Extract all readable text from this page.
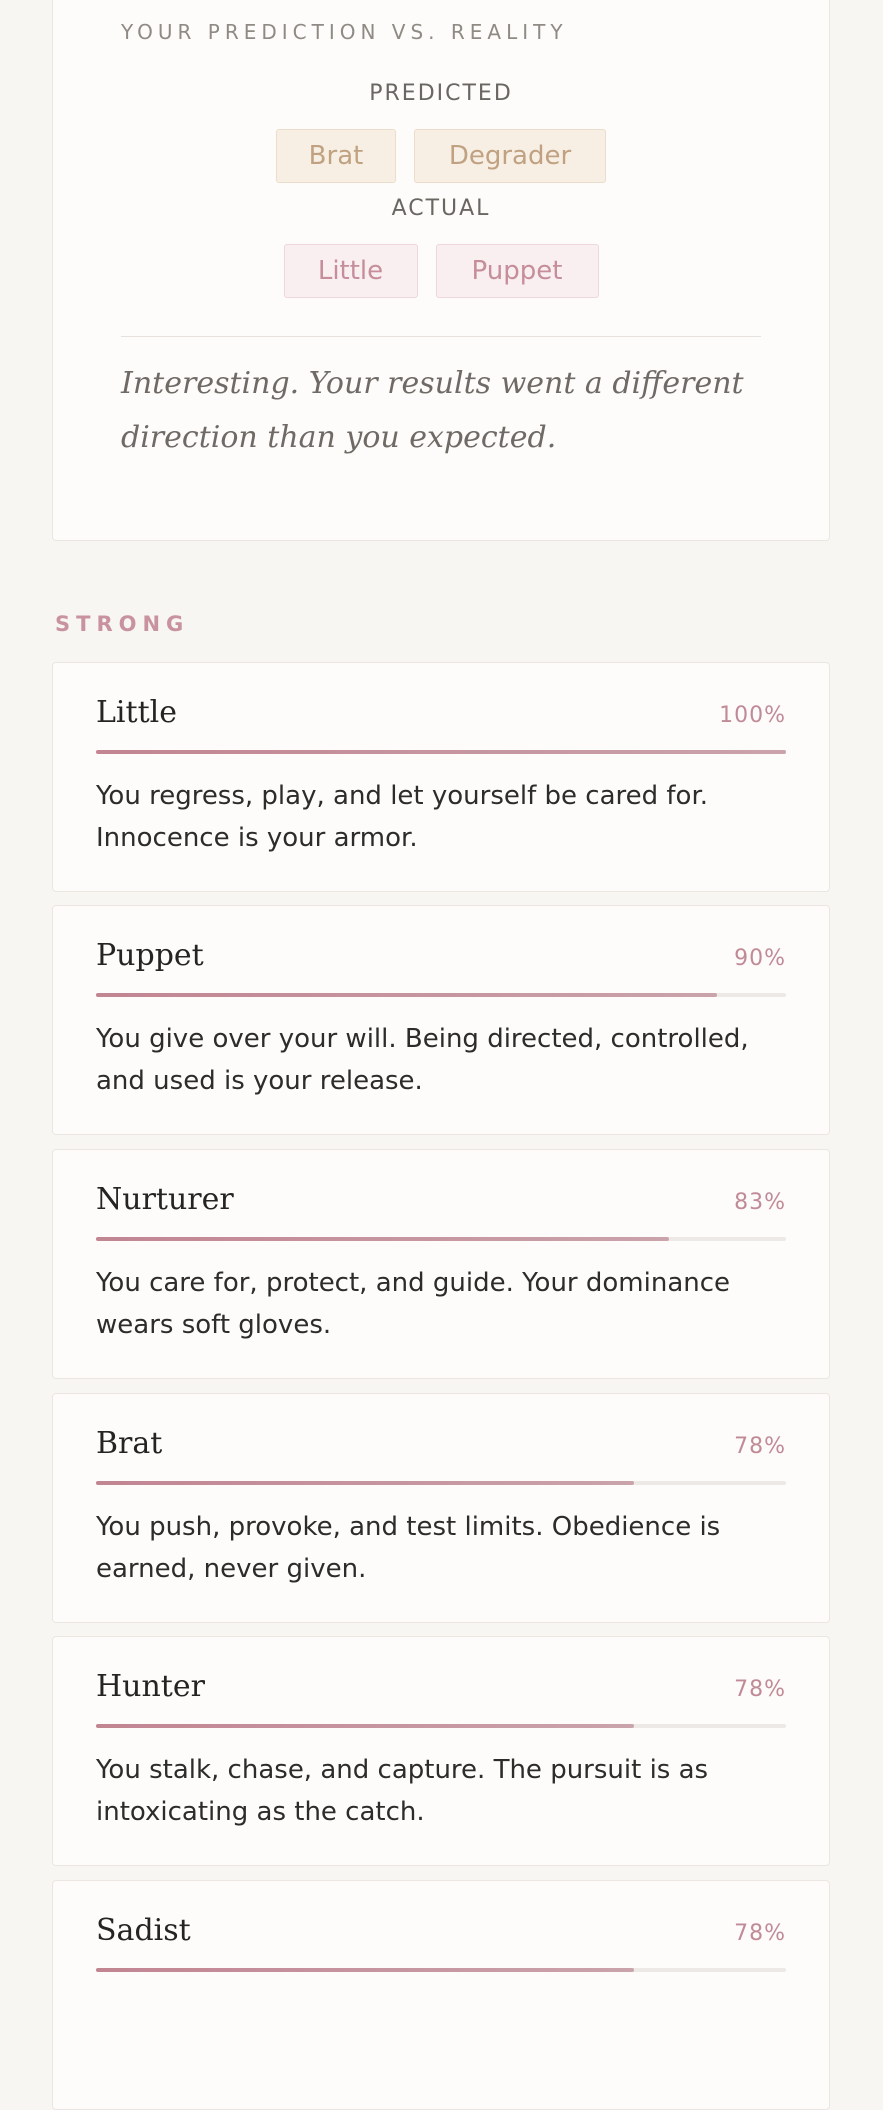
YOUR PREDICTION VS. REALITY
PREDICTED
Brat	Degrader
ACTUAL
Little	Puppet
Interesting. Your results went a different direction than you expected.
STRONG
Little	100%
You regress, play, and let yourself be cared for. Innocence is your armor.
Puppet	90%
You give over your will. Being directed, controlled, and used is your release.
Nurturer	83%
You care for, protect, and guide. Your dominance wears soft gloves.
Brat	78%
You push, provoke, and test limits. Obedience is earned, never given.
Hunter	78%
You stalk, chase, and capture. The pursuit is as intoxicating as the catch.
Sadist	78%
